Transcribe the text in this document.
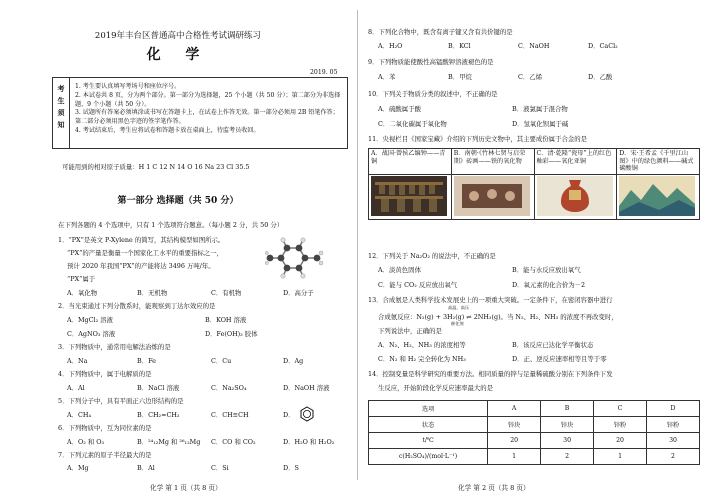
2019年丰台区普通高中合格性考试调研练习
化 学
2019. 05
考
生
须
知
1. 考生要认真填写考场号和座位序号。
2. 本试卷共 8 页，分为两个部分。第一部分为选择题，25 个小题（共 50 分）；第二部分为非选择题，9 个小题（共 50 分）。
3. 试题所有答案必须填涂或书写在答题卡上，在试卷上作答无效。第一部分必须用 2B 铅笔作答；第二部分必须用黑色字迹的签字笔作答。
4. 考试结束后，考生应将试卷和答题卡放在桌面上，待监考员收回。
可能用到的相对原子质量：H 1 C 12 N 14 O 16 Na 23 Cl 35.5
第一部分 选择题（共 50 分）
在下列各题的 4 个选项中，只有 1 个选项符合题意。（每小题 2 分，共 50 分）
1．“PX”是英文 P-Xylene 的简写，其结构模型如图所示。
“PX”的产量是衡量一个国家化工水平的重要指标之一，
预计 2020 年我国“PX”的产能将达 3496 万吨/年。
“PX”属于
A．氧化物	B．无机物	C．有机物	D．高分子
2．当光束通过下列分散系时，能观察到丁达尔效应的是
A．MgCl₂ 溶液	B．KOH 溶液
C．AgNO₃ 溶液	D．Fe(OH)₃ 胶体
3．下列物质中，通常用电解法冶炼的是
A．Na	B．Fe	C．Cu	D．Ag
4．下列物质中，属于电解质的是
A．Al	B．NaCl 溶液	C．Na₂SO₄	D．NaOH 溶液
5．下列分子中，具有平面正六边形结构的是
A．CH₄	B．CH₂=CH₂	C．CH≡CH	D．
6．下列物质中，互为同位素的是
A．O₂ 和 O₃	B．²⁴₁₂Mg 和 ²⁶₁₂Mg C．CO 和 CO₂	D．H₂O 和 H₂O₂
7．下列元素的原子半径最大的是
A．Mg	B．Al	C．Si	D．S
化学 第 1 页（共 8 页）
8．下列化合物中，既含有离子键又含有共价键的是
A．H₂O	B．KCl	C．NaOH	D．CaCl₂
9．下列物质能使酸性高锰酸钾溶液褪色的是
A．苯	B．甲烷	C．乙烯	D．乙酸
10．下列关于物质分类的叙述中，不正确的是
A．硫酸属于酸	B．液氯属于混合物
C．二氧化碳属于氧化物	D．氢氧化钡属于碱
11．央视栏目《国家宝藏》介绍的下列历史文物中，其主要成份属于合金的是
A．战国·曾侯乙编钟——青铜	B．南朝·《竹林七贤与启荣期》砖画——铁的氧化物	C．清·乾隆“瓷母”上的红色釉彩——氧化亚铜	D．宋·王希孟《千里江山图》中的绿色颜料——碱式碳酸铜

12．下列关于 Na₂O₂ 的说法中，不正确的是
A．淡黄色固体	B．能与水反应放出氧气
C．能与 CO₂ 反应放出氧气	D．氧元素的化合价为－2
13．合成氨是人类科学技术发展史上的一项重大突破。一定条件下，在密闭容器中进行
合成氨反应：N₂(g) + 3H₂(g) ⇌ 2NH₃(g)。当 N₂、H₂、NH₃ 的浓度不再改变时，
高温、高压
催化剂
下列说法中，正确的是
A．N₂、H₂、NH₃ 的浓度相等	B．该反应已达化学平衡状态
C．N₂ 和 H₂ 完全转化为 NH₃	D．正、逆反应速率相等且等于零
14．控制变量是科学研究的重要方法。相同质量的锌与足量稀硫酸分别在下列条件下发
生反应，开始阶段化学反应速率最大的是
化学 第 2 页（共 8 页）
选项	A	B	C	D
状态	锌块	锌块	锌粉	锌粉
t/℃	20	30	20	30
c(H₂SO₄)/(mol·L⁻¹)	1	2	1	2
